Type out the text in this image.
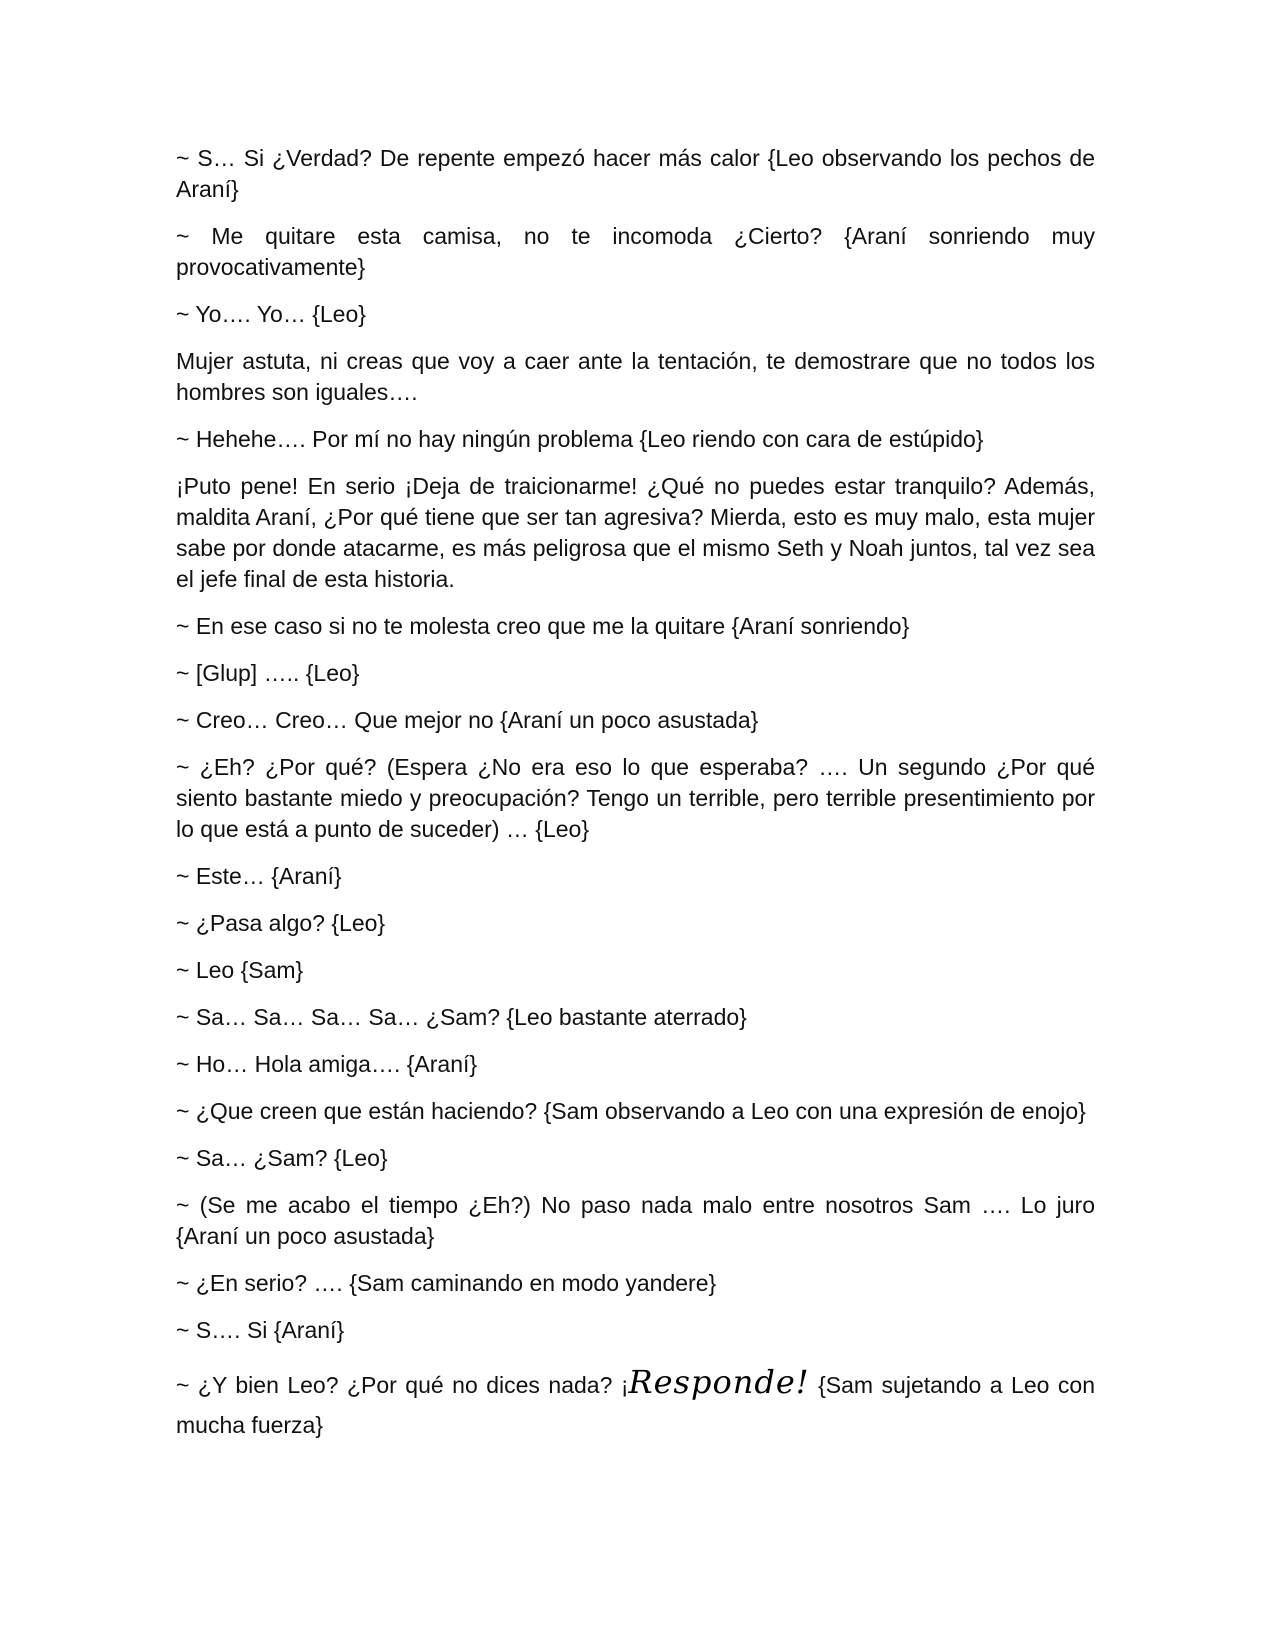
~ S… Si ¿Verdad? De repente empezó hacer más calor {Leo observando los pechos de Araní}

~ Me quitare esta camisa, no te incomoda ¿Cierto? {Araní sonriendo muy provocativamente}

~ Yo…. Yo… {Leo}

Mujer astuta, ni creas que voy a caer ante la tentación, te demostrare que no todos los hombres son iguales….

~ Hehehe…. Por mí no hay ningún problema {Leo riendo con cara de estúpido}

¡Puto pene! En serio ¡Deja de traicionarme! ¿Qué no puedes estar tranquilo? Además, maldita Araní, ¿Por qué tiene que ser tan agresiva? Mierda, esto es muy malo, esta mujer sabe por donde atacarme, es más peligrosa que el mismo Seth y Noah juntos, tal vez sea el jefe final de esta historia.

~ En ese caso si no te molesta creo que me la quitare {Araní sonriendo}

~ [Glup] ….. {Leo}

~ Creo… Creo… Que mejor no {Araní un poco asustada}

~ ¿Eh? ¿Por qué? (Espera ¿No era eso lo que esperaba? …. Un segundo ¿Por qué siento bastante miedo y preocupación? Tengo un terrible, pero terrible presentimiento por lo que está a punto de suceder) … {Leo}

~ Este… {Araní}

~ ¿Pasa algo? {Leo}

~ Leo {Sam}

~ Sa… Sa… Sa… Sa… ¿Sam? {Leo bastante aterrado}

~ Ho… Hola amiga…. {Araní}

~ ¿Que creen que están haciendo? {Sam observando a Leo con una expresión de enojo}

~ Sa… ¿Sam? {Leo}

~ (Se me acabo el tiempo ¿Eh?) No paso nada malo entre nosotros Sam …. Lo juro {Araní un poco asustada}

~ ¿En serio? …. {Sam caminando en modo yandere}

~ S…. Si {Araní}

~ ¿Y bien Leo? ¿Por qué no dices nada? ¡Responde! {Sam sujetando a Leo con mucha fuerza}
